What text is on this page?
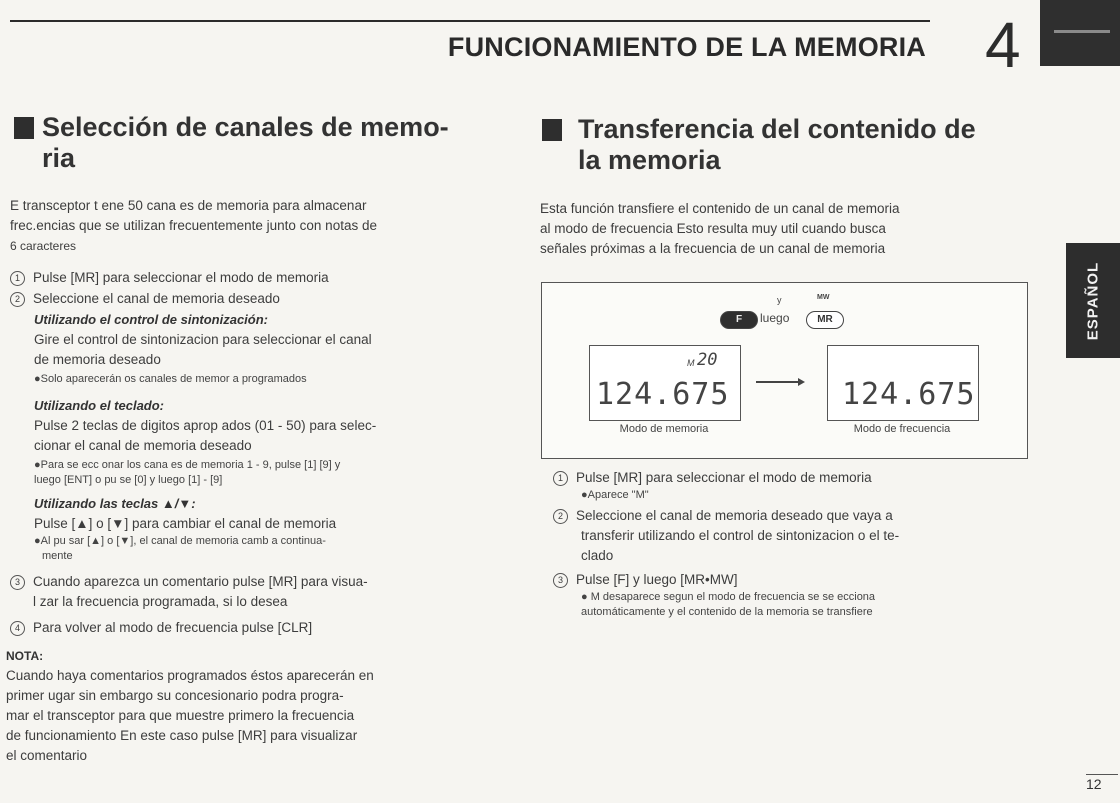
FUNCIONAMIENTO DE LA MEMORIA 4
ESPAÑOL
Selección de canales de memo-
ria
E transceptor t ene 50 cana es de memoria para almacenar
frec.encias que se utilizan frecuentemente junto con notas de
6 caracteres
1 Pulse [MR] para seleccionar el modo de memoria
2 Seleccione el canal de memoria deseado
Utilizando el control de sintonización:
Gire el control de sintonizacion para seleccionar el canal
de memoria deseado
●Solo aparecerán os canales de memor a programados
Utilizando el teclado:
Pulse 2 teclas de digitos aprop ados (01 - 50) para selec-
cionar el canal de memoria deseado
●Para se ecc onar los cana es de memoria 1 - 9, pulse [1] [9] y
luego [ENT] o pu se [0] y luego [1] - [9]
Utilizando las teclas ▲/▼:
Pulse [▲] o [▼] para cambiar el canal de memoria
●Al pu sar [▲] o [▼], el canal de memoria camb a continua-
mente
3 Cuando aparezca un comentario pulse [MR] para visua-
l zar la frecuencia programada, si lo desea
4 Para volver al modo de frecuencia pulse [CLR]
NOTA:
Cuando haya comentarios programados éstos aparecerán en
primer ugar sin embargo su concesionario podra progra-
mar el transceptor para que muestre primero la frecuencia
de funcionamiento En este caso pulse [MR] para visualizar
el comentario
Transferencia del contenido de
la memoria
Esta función transfiere el contenido de un canal de memoria
al modo de frecuencia Esto resulta muy util cuando busca
señales próximas a la frecuencia de un canal de memoria
y	MW
F	luego	MR
M 20
124.675	124.675
Modo de memoria	Modo de frecuencia
1 Pulse [MR] para seleccionar el modo de memoria
●Aparece "M"
2 Seleccione el canal de memoria deseado que vaya a
transferir utilizando el control de sintonizacion o el te-
clado
3 Pulse [F] y luego [MR•MW]
● M desaparece segun el modo de frecuencia se se ecciona
automáticamente y el contenido de la memoria se transfiere
12
